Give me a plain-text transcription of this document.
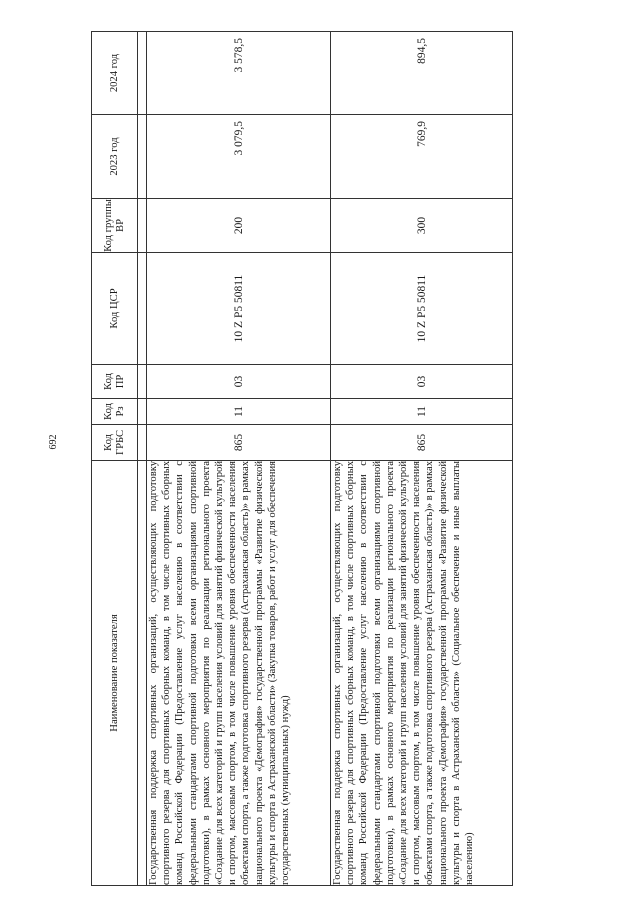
692
Наименование показателя	Код ГРБС	Код Рз	Код ПР	Код ЦСР	Код группы ВР	2023 год	2024 год

Государственная поддержка спортивных организаций, осуществляющих подготовку спортивного резерва для спортивных сборных команд, в том числе спортивных сборных команд Российской Федерации (Предоставление услуг населению в соответствии с федеральными стандартами спортивной подготовки всеми организациями спортивной подготовки), в рамках основного мероприятия по реализации регионального проекта «Создание для всех категорий и групп населения условий для занятий физической культурой и спортом, массовым спортом, в том числе повышение уровня обеспеченности населения объектами спорта, а также подготовка спортивного резерва (Астраханская область)» в рамках национального проекта «Демография» государственной программы «Развитие физической культуры и спорта в Астраханской области» (Закупка товаров, работ и услуг для обеспечения государственных (муниципальных) нужд)	865	11	03	10 Z P5 50811	200	3 079,5	3 578,5
Государственная поддержка спортивных организаций, осуществляющих подготовку спортивного резерва для спортивных сборных команд, в том числе спортивных сборных команд Российской Федерации (Предоставление услуг населению в соответствии с федеральными стандартами спортивной подготовки всеми организациями спортивной подготовки), в рамках основного мероприятия по реализации регионального проекта «Создание для всех категорий и групп населения условий для занятий физической культурой и спортом, массовым спортом, в том числе повышение уровня обеспеченности населения объектами спорта, а также подготовка спортивного резерва (Астраханская область)» в рамках национального проекта «Демография» государственной программы «Развитие физической культуры и спорта в Астраханской области» (Социальное обеспечение и иные выплаты населению)	865	11	03	10 Z P5 50811	300	769,9	894,5
